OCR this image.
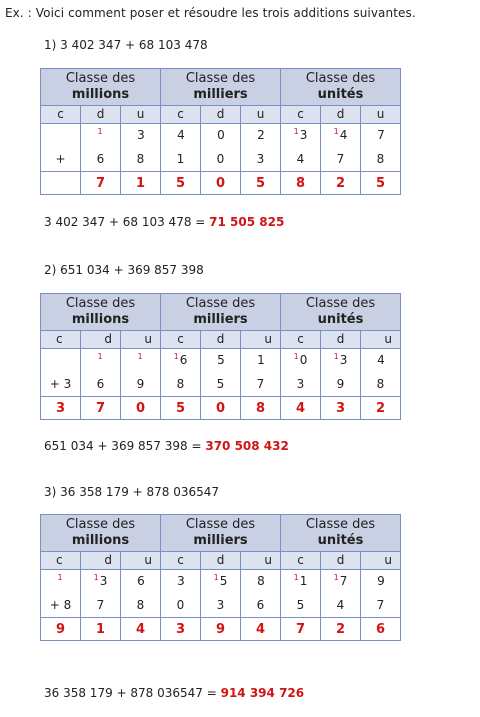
Ex. : Voici comment poser et résoudre les trois additions suivantes.
1) 3 402 347 + 68 103 478
Classe des
millions			Classe des
milliers			Classe des
unités		

c	d	u	c	d	u	c	d	u
	$^1$	3	4	0	2	$^1$3	$^1$4	7
+	6	8	1	0	3	4	7	8
	7	1	5	0	5	8	2	5
3 402 347 + 68 103 478 = 71 505 825
2) 651 034 + 369 857 398
Classe des
millions			Classe des
milliers			Classe des
unités		

c	d	u	c	d	u	c	d	u
	$^1$	$^1$	$^1$6	5	1	$^1$0	$^1$3	4
+ 3	6	9	8	5	7	3	9	8
3	7	0	5	0	8	4	3	2
651 034 + 369 857 398 = 370 508 432
3) 36 358 179 + 878 036547
Classe des
millions			Classe des
milliers			Classe des
unités		

c	d	u	c	d	u	c	d	u
$^1$	$^1$3	6	3	$^1$5	8	$^1$1	$^1$7	9
+ 8	7	8	0	3	6	5	4	7
9	1	4	3	9	4	7	2	6
36 358 179 + 878 036547 = 914 394 726
